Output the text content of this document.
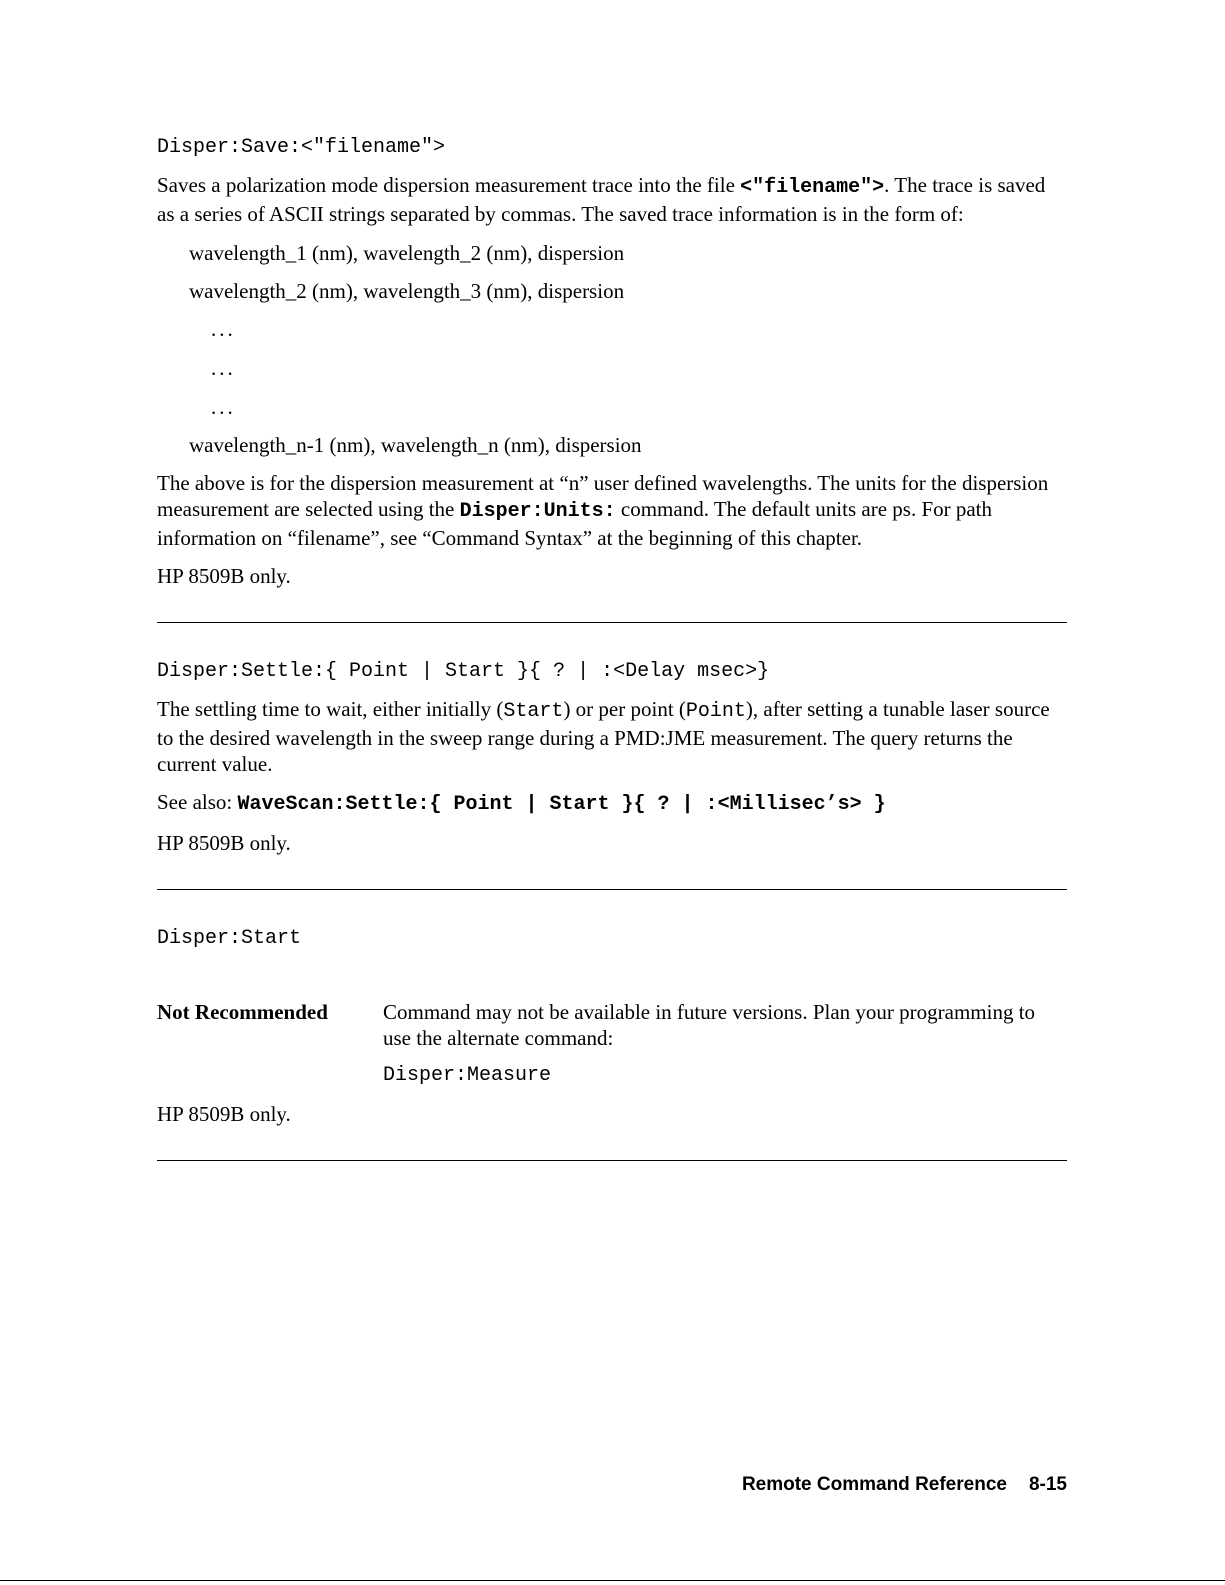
Disper:Save:<"filename">

Saves a polarization mode dispersion measurement trace into the file <"filename">. The trace is saved as a series of ASCII strings separated by commas. The saved trace information is in the form of:

wavelength_1 (nm), wavelength_2 (nm), dispersion

wavelength_2 (nm), wavelength_3 (nm), dispersion

...

...

...

wavelength_n-1 (nm), wavelength_n (nm), dispersion

The above is for the dispersion measurement at “n” user defined wavelengths. The units for the dispersion measurement are selected using the Disper:Units: command. The default units are ps. For path information on “filename”, see “Command Syntax” at the beginning of this chapter.

HP 8509B only.

Disper:Settle:{ Point | Start }{ ? | :<Delay msec>}

The settling time to wait, either initially (Start) or per point (Point), after setting a tunable laser source to the desired wavelength in the sweep range during a PMD:JME measurement. The query returns the current value.

See also: WaveScan:Settle:{ Point | Start }{ ? | :<Millisec’s> }

HP 8509B only.

Disper:Start

Not Recommended	Command may not be available in future versions. Plan your programming to use the alternate command:

Disper:Measure

HP 8509B only.

Remote Command Reference 8-15
